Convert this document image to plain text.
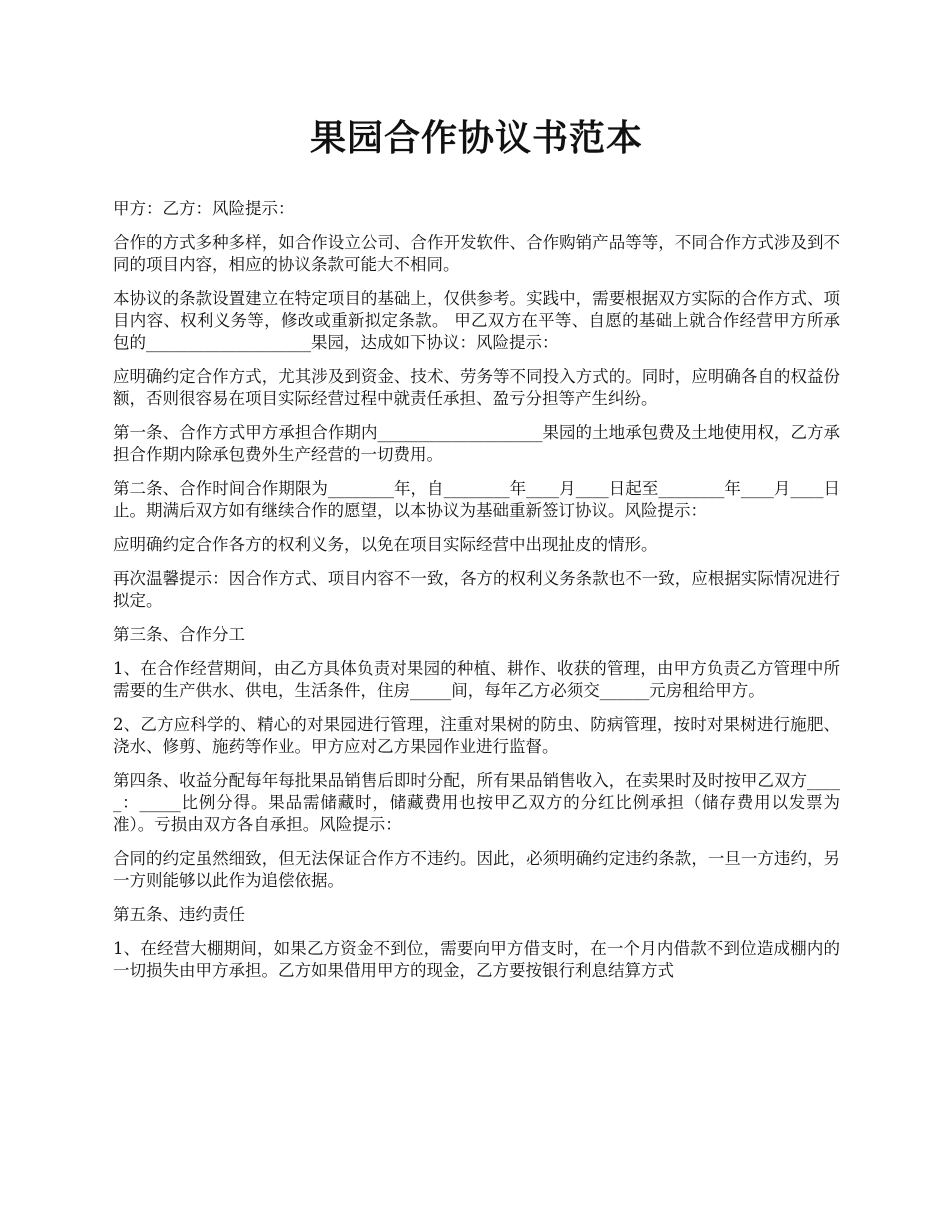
果园合作协议书范本

甲方：乙方：风险提示：

合作的方式多种多样，如合作设立公司、合作开发软件、合作购销产品等等，不同合作方式涉及到不同的项目内容，相应的协议条款可能大不相同。

本协议的条款设置建立在特定项目的基础上，仅供参考。实践中，需要根据双方实际的合作方式、项目内容、权利义务等，修改或重新拟定条款。 甲乙双方在平等、自愿的基础上就合作经营甲方所承包的____________________果园，达成如下协议：风险提示：

应明确约定合作方式，尤其涉及到资金、技术、劳务等不同投入方式的。同时，应明确各自的权益份额，否则很容易在项目实际经营过程中就责任承担、盈亏分担等产生纠纷。

第一条、合作方式甲方承担合作期内____________________果园的土地承包费及土地使用权，乙方承担合作期内除承包费外生产经营的一切费用。

第二条、合作时间合作期限为________年，自________年____月____日起至________年____月____日止。期满后双方如有继续合作的愿望，以本协议为基础重新签订协议。风险提示：

应明确约定合作各方的权利义务，以免在项目实际经营中出现扯皮的情形。

再次温馨提示：因合作方式、项目内容不一致，各方的权利义务条款也不一致，应根据实际情况进行拟定。

第三条、合作分工

1、在合作经营期间，由乙方具体负责对果园的种植、耕作、收获的管理，由甲方负责乙方管理中所需要的生产供水、供电，生活条件，住房_____间，每年乙方必须交______元房租给甲方。

2、乙方应科学的、精心的对果园进行管理，注重对果树的防虫、防病管理，按时对果树进行施肥、浇水、修剪、施药等作业。甲方应对乙方果园作业进行监督。

第四条、收益分配每年每批果品销售后即时分配，所有果品销售收入，在卖果时及时按甲乙双方_____：_____比例分得。果品需储藏时，储藏费用也按甲乙双方的分红比例承担（储存费用以发票为准）。亏损由双方各自承担。风险提示：

合同的约定虽然细致，但无法保证合作方不违约。因此，必须明确约定违约条款，一旦一方违约，另一方则能够以此作为追偿依据。

第五条、违约责任

1、在经营大棚期间，如果乙方资金不到位，需要向甲方借支时，在一个月内借款不到位造成棚内的一切损失由甲方承担。乙方如果借用甲方的现金，乙方要按银行利息结算方式
